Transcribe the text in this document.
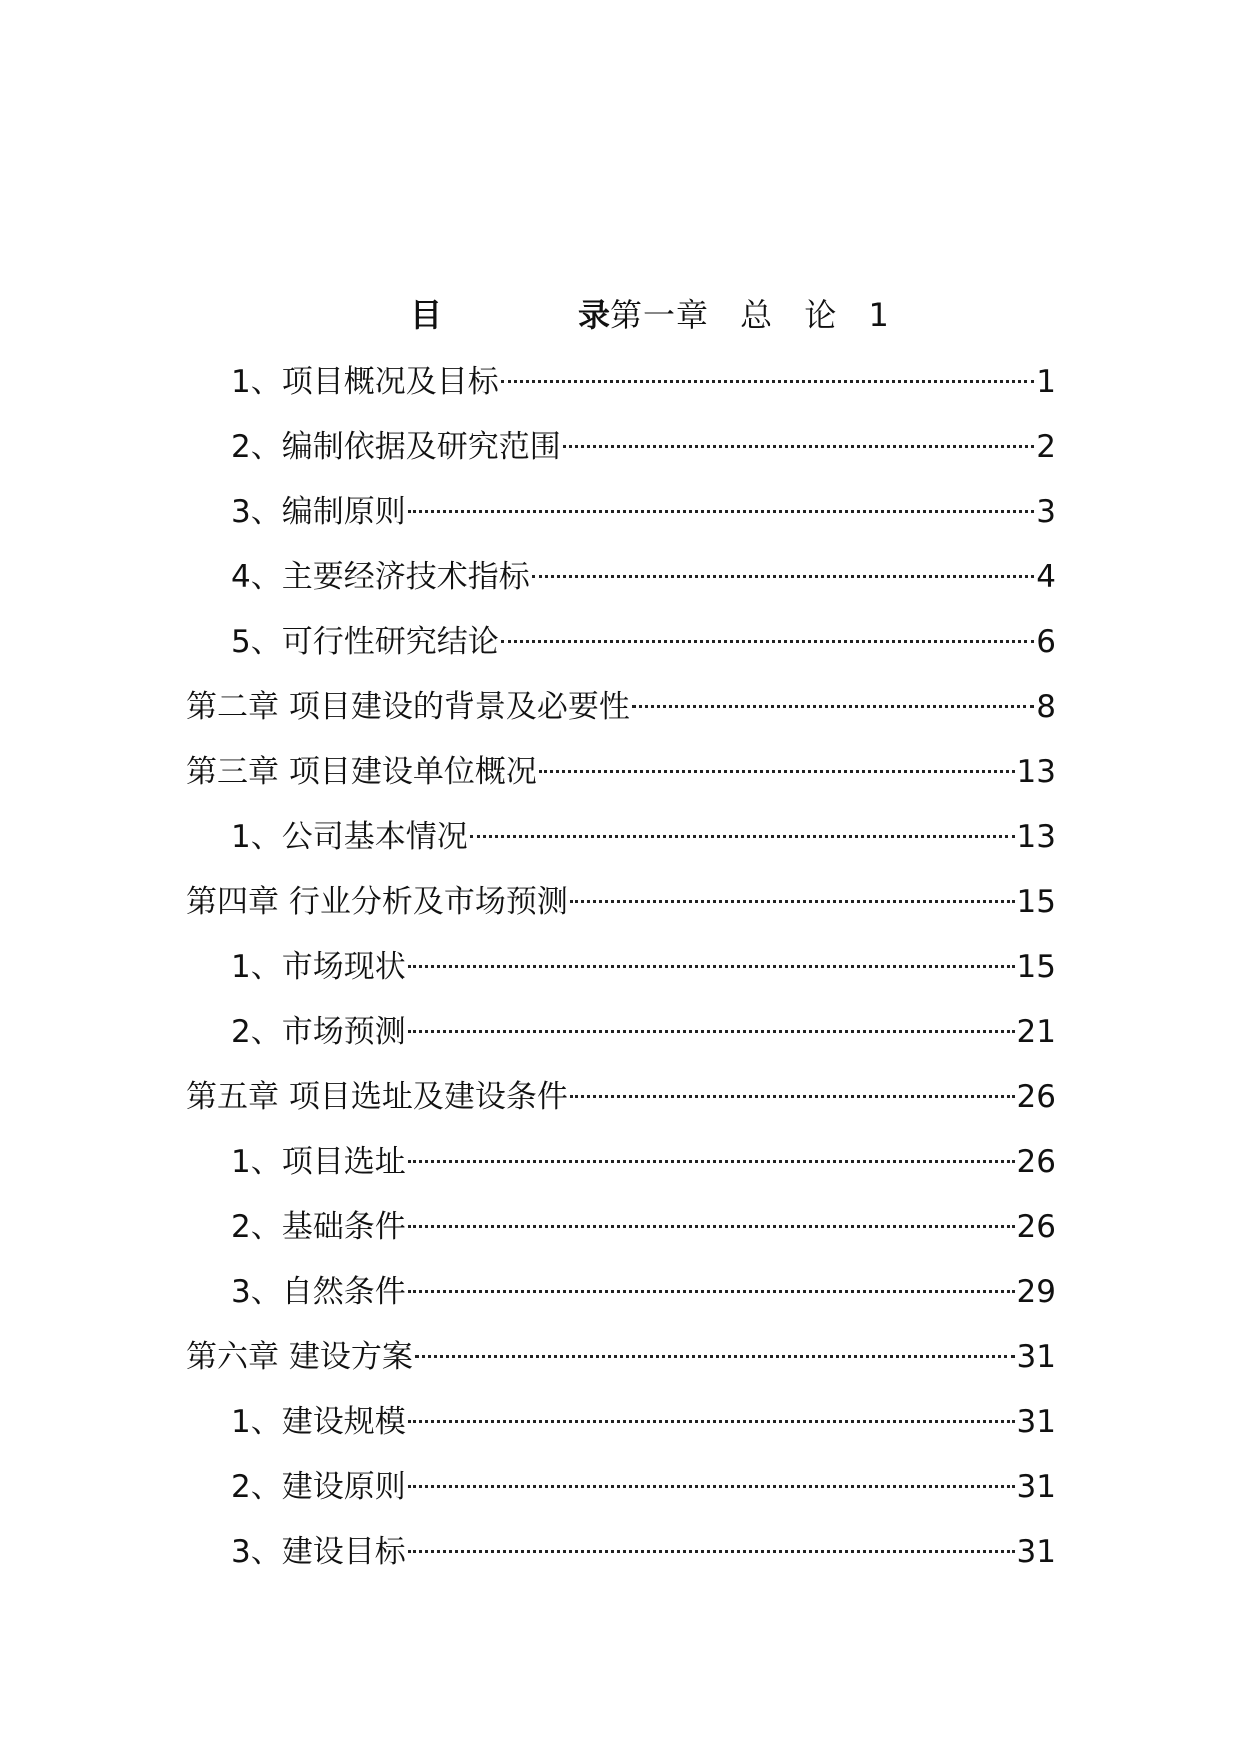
目	录 第一章 总 论 1
1、项目概况及目标	1
2、编制依据及研究范围	2
3、编制原则	3
4、主要经济技术指标	4
5、可行性研究结论	6
第二章 项目建设的背景及必要性	8
第三章 项目建设单位概况	13
1、公司基本情况	13
第四章 行业分析及市场预测	15
1、市场现状	15
2、市场预测	21
第五章 项目选址及建设条件	26
1、项目选址	26
2、基础条件	26
3、自然条件	29
第六章 建设方案	31
1、建设规模	31
2、建设原则	31
3、建设目标	31
